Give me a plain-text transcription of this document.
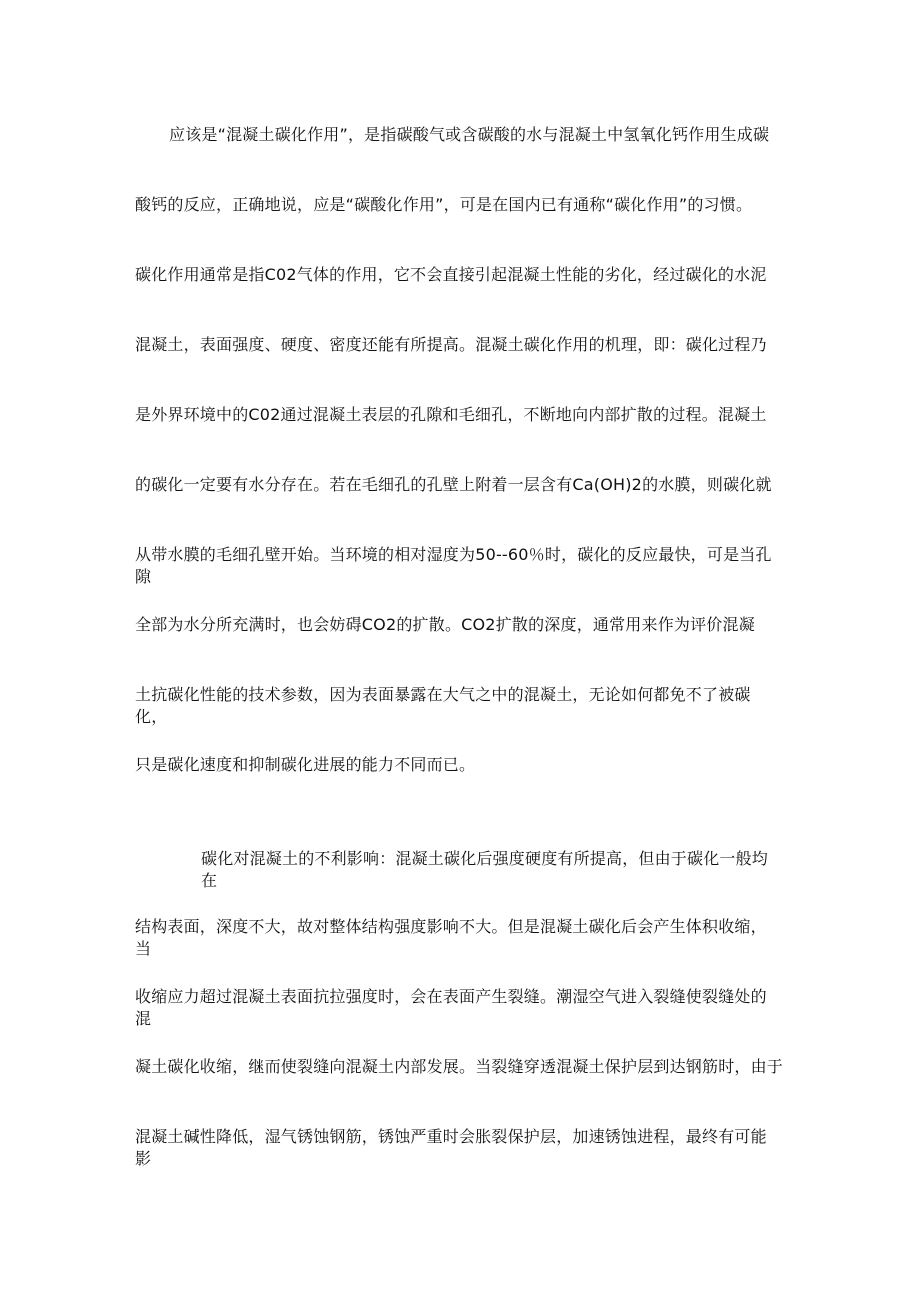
应该是“混凝土碳化作用”，是指碳酸气或含碳酸的水与混凝土中氢氧化钙作用生成碳
酸钙的反应，正确地说，应是“碳酸化作用”，可是在国内已有通称“碳化作用”的习惯。
碳化作用通常是指C02气体的作用，它不会直接引起混凝土性能的劣化，经过碳化的水泥
混凝土，表面强度、硬度、密度还能有所提高。混凝土碳化作用的机理，即：碳化过程乃
是外界环境中的C02通过混凝土表层的孔隙和毛细孔，不断地向内部扩散的过程。混凝土
的碳化一定要有水分存在。若在毛细孔的孔壁上附着一层含有Ca(OH)2的水膜，则碳化就
从带水膜的毛细孔壁开始。当环境的相对湿度为50--60％时，碳化的反应最快，可是当孔隙
全部为水分所充满时，也会妨碍CO2的扩散。CO2扩散的深度，通常用来作为评价混凝
土抗碳化性能的技术参数，因为表面暴露在大气之中的混凝土，无论如何都免不了被碳化，
只是碳化速度和抑制碳化进展的能力不同而已。
碳化对混凝土的不利影响：混凝土碳化后强度硬度有所提高，但由于碳化一般均在
结构表面，深度不大，故对整体结构强度影响不大。但是混凝土碳化后会产生体积收缩，当
收缩应力超过混凝土表面抗拉强度时，会在表面产生裂缝。潮湿空气进入裂缝使裂缝处的混
凝土碳化收缩，继而使裂缝向混凝土内部发展。当裂缝穿透混凝土保护层到达钢筋时，由于
混凝土碱性降低，湿气锈蚀钢筋，锈蚀严重时会胀裂保护层，加速锈蚀进程，最终有可能影
